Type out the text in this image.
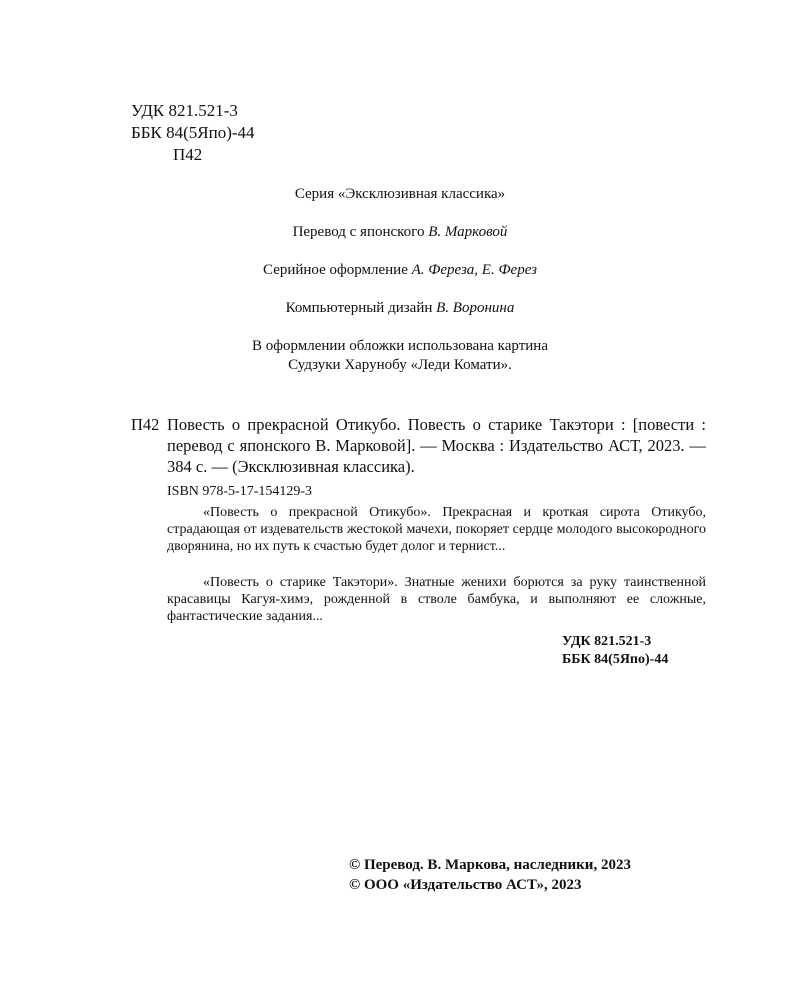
УДК 821.521-3
ББК 84(5Япо)-44
П42
Серия «Эксклюзивная классика»
Перевод с японского В. Марковой
Серийное оформление А. Фереза, Е. Ферез
Компьютерный дизайн В. Воронина
В оформлении обложки использована картина
Судзуки Харунобу «Леди Комати».
П42 Повесть о прекрасной Отикубо. Повесть о старике Такэтори : [повести : перевод с японского В. Марковой]. — Москва : Издательство АСТ, 2023. — 384 с. — (Эксклюзивная классика).
ISBN 978-5-17-154129-3
«Повесть о прекрасной Отикубо». Прекрасная и кроткая сирота Отикубо, страдающая от издевательств жестокой мачехи, покоряет сердце молодого высокородного дворянина, но их путь к счастью будет долог и тернист...
«Повесть о старике Такэтори». Знатные женихи борются за руку таинственной красавицы Кагуя-химэ, рожденной в стволе бамбука, и выполняют ее сложные, фантастические задания...
УДК 821.521-3
ББК 84(5Япо)-44
© Перевод. В. Маркова, наследники, 2023
© ООО «Издательство АСТ», 2023
